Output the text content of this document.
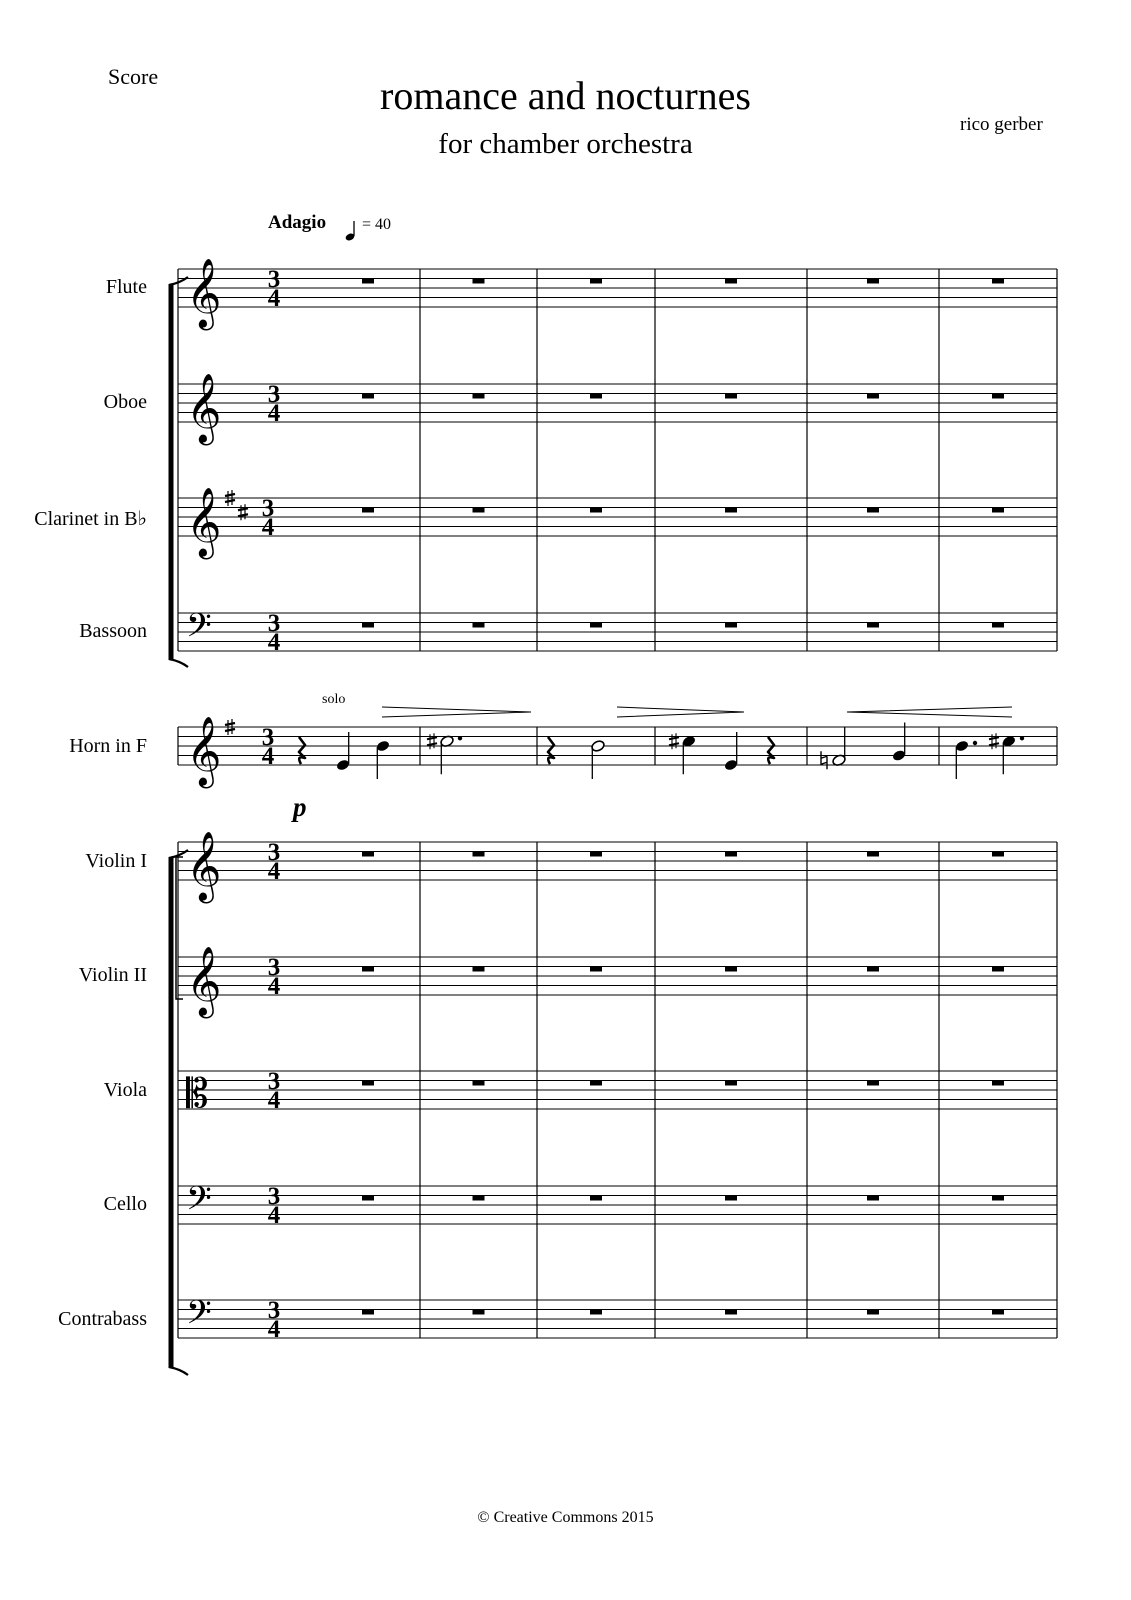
Score	romance and nocturnes
for chamber orchestra
rico gerber
Adagio = 40
Flute
Oboe
Clarinet in B♭
Bassoon
Horn in F
Violin I
Violin II
Viola
Cello
Contrabass
𝄞
𝄞
𝄞
𝄢
𝄞
𝄞
𝄞
𝄡
𝄢
𝄢
3
4
3
4
3
4
3
4
3
4
3
4
3
4
3
4
3
4
3
4
solo
p
© Creative Commons 2015
